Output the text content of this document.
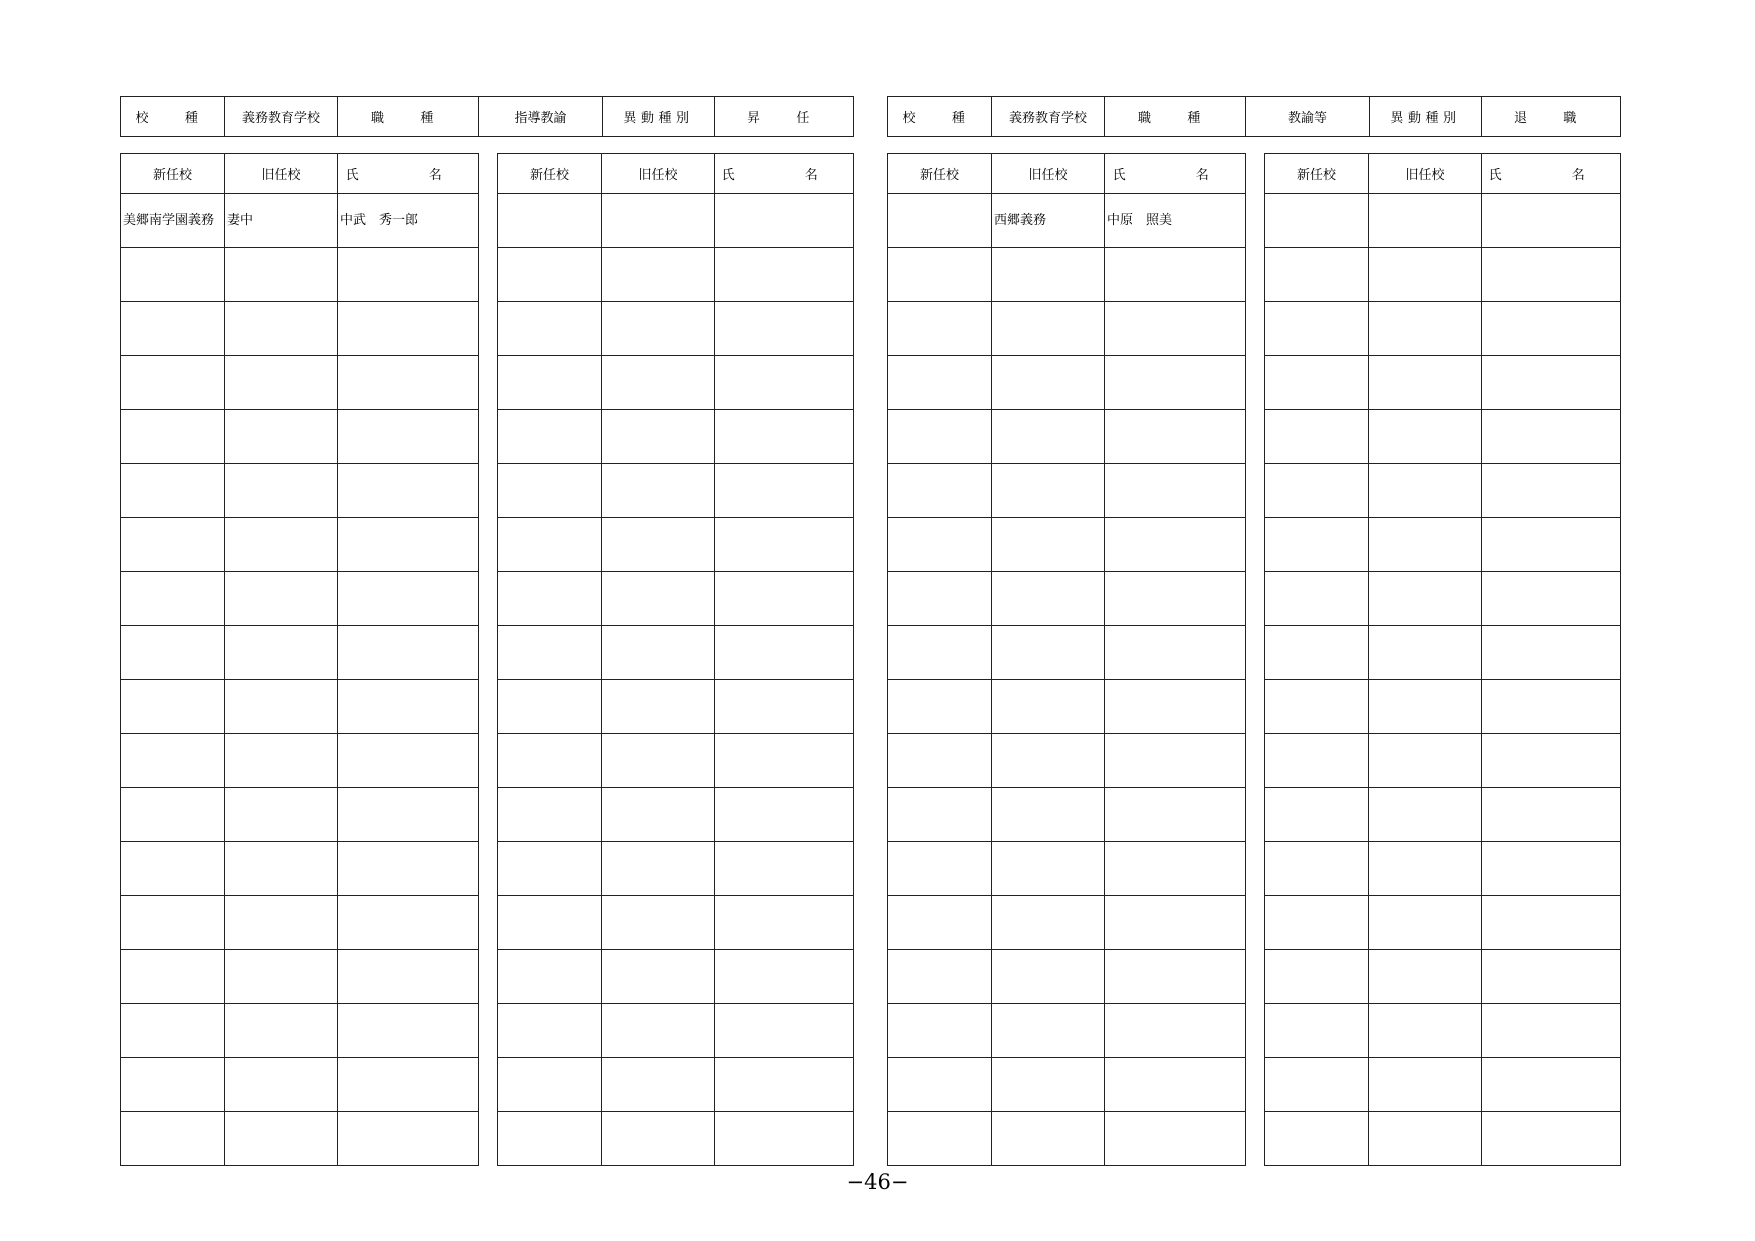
校　種	義務教育学校	職　種	指導教諭	異動種別	昇　任	校　種	義務教育学校	職　種	教諭等	異動種別	退　職
新任校	旧任校	氏　名
美郷南学園義務	妻中	中武　秀一郎

新任校	旧任校	氏　名

			新任校	旧任校	氏　名
	西郷義務	中原　照美

新任校	旧任校	氏　名

−46−
